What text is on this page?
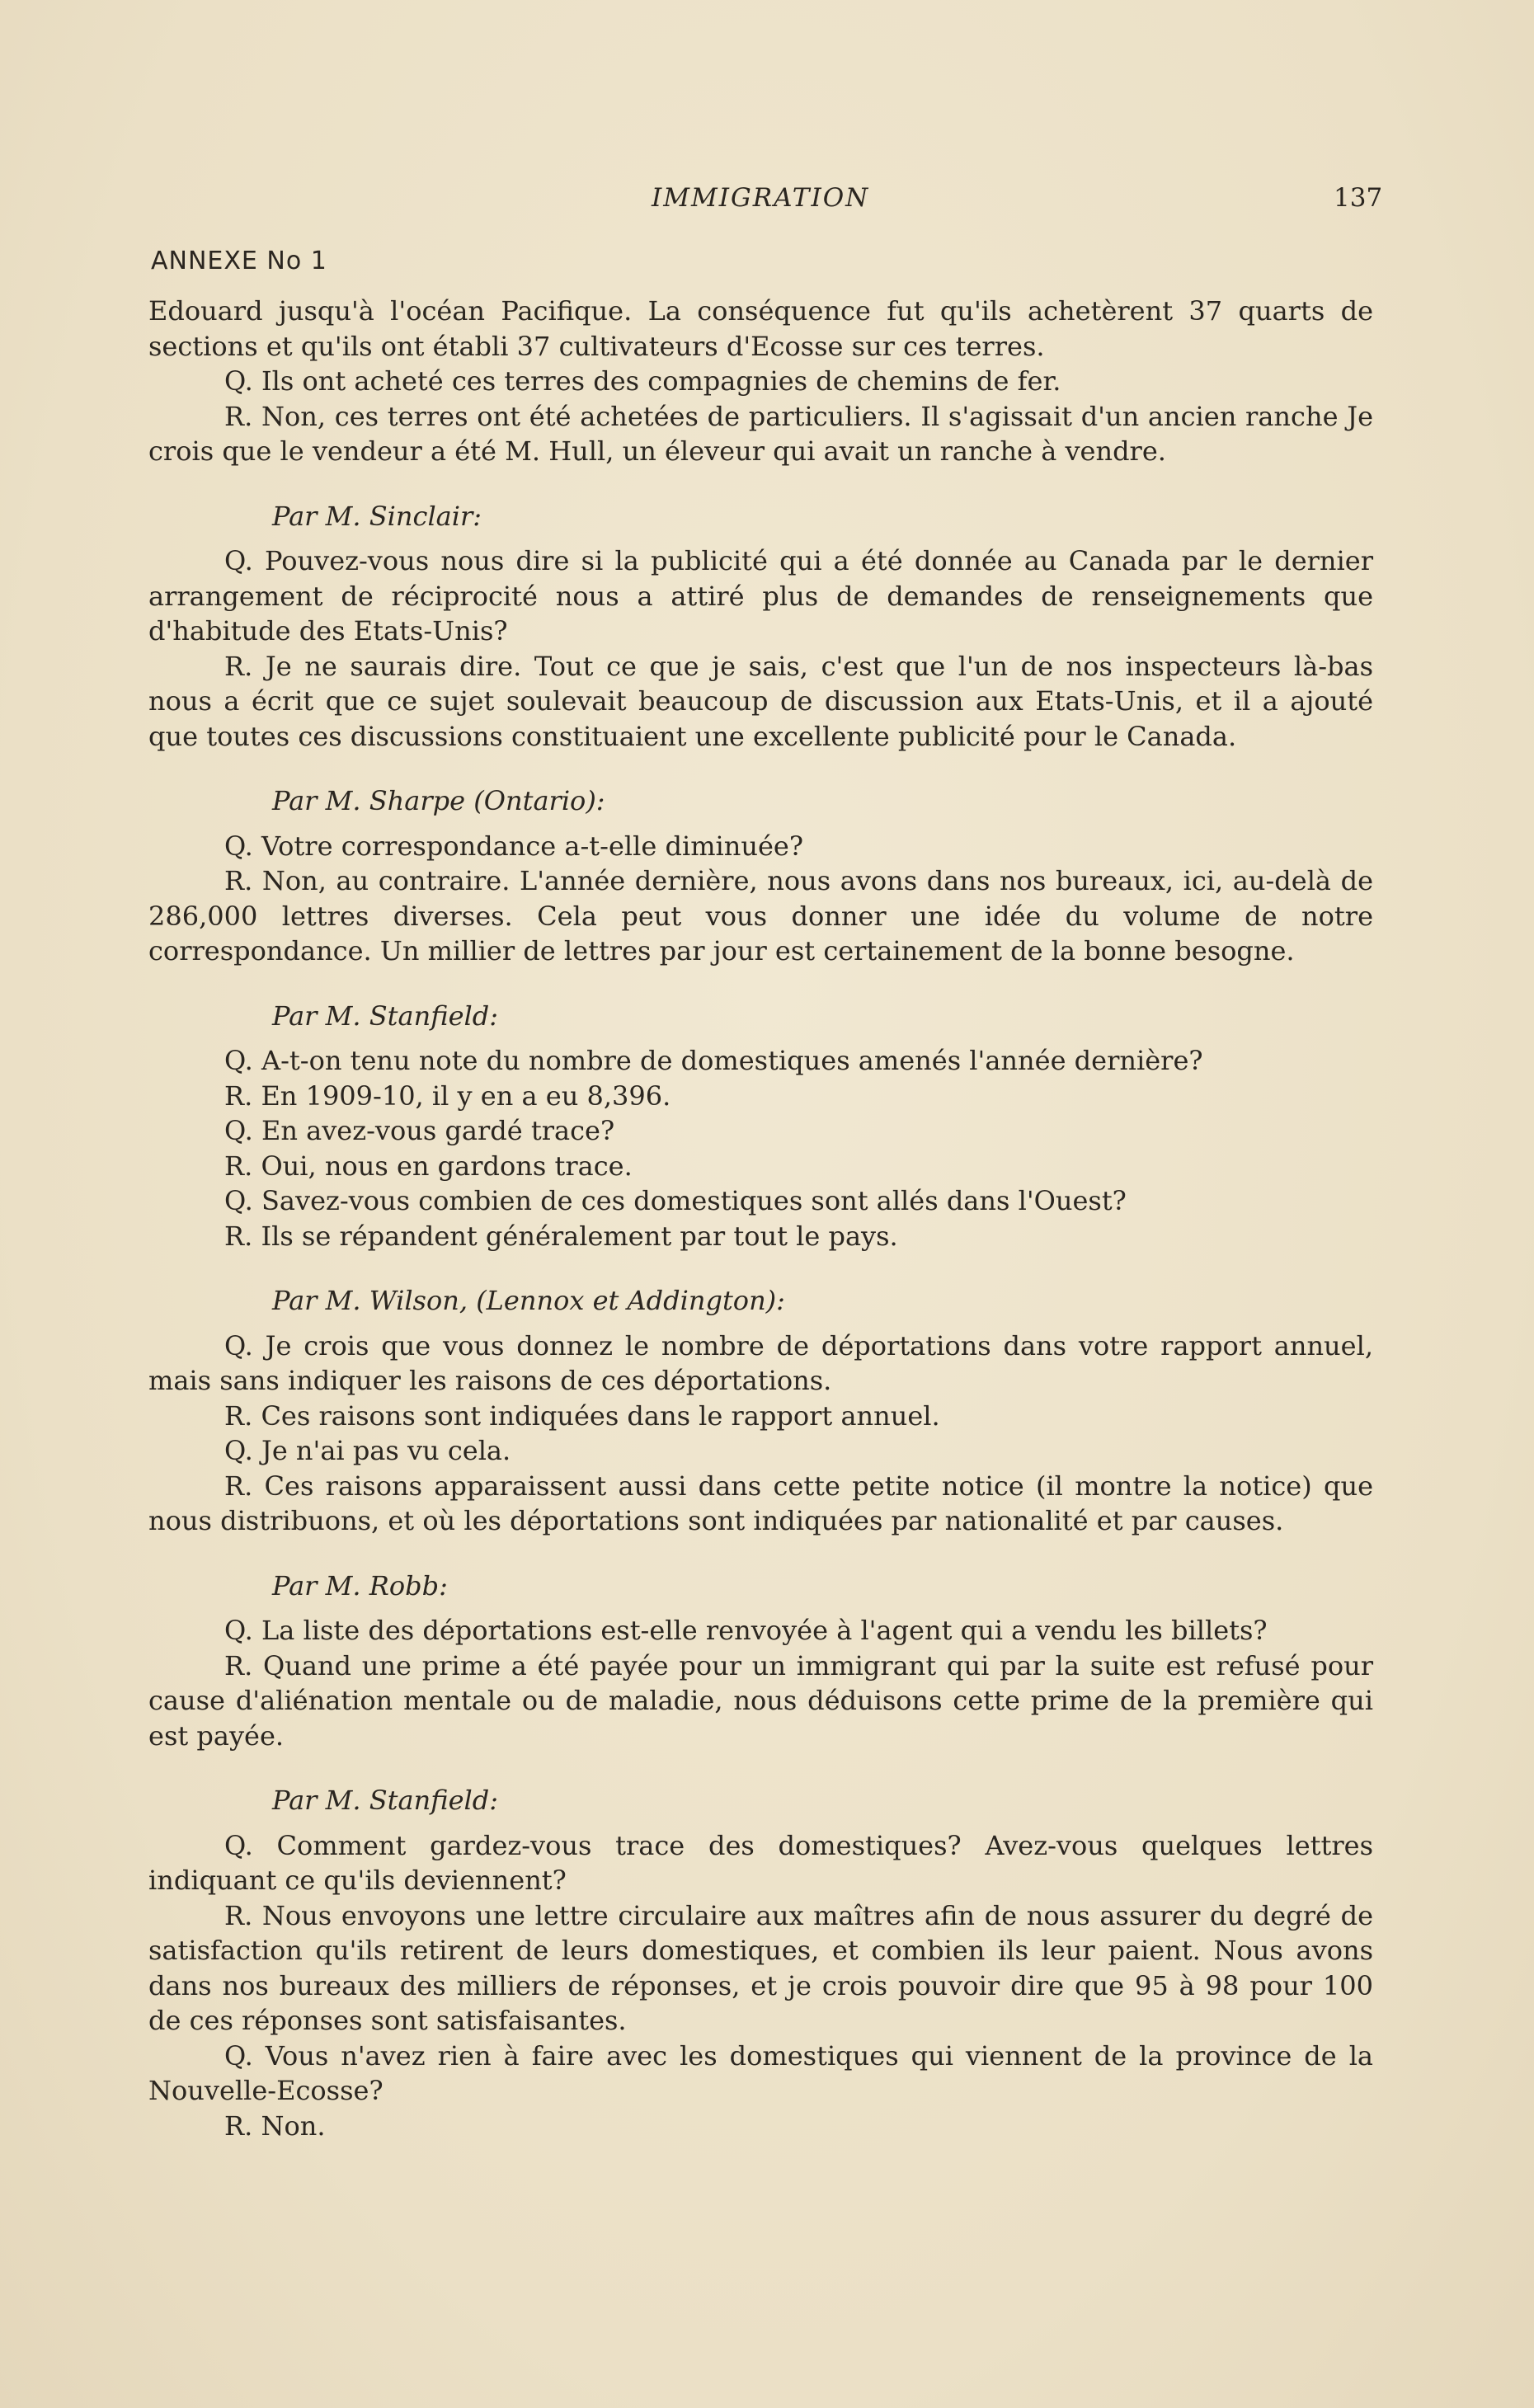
IMMIGRATION	137
ANNEXE No 1

Edouard jusqu'à l'océan Pacifique. La conséquence fut qu'ils achetèrent 37 quarts de sections et qu'ils ont établi 37 cultivateurs d'Ecosse sur ces terres.

Q. Ils ont acheté ces terres des compagnies de chemins de fer.

R. Non, ces terres ont été achetées de particuliers. Il s'agissait d'un ancien ranche Je crois que le vendeur a été M. Hull, un éleveur qui avait un ranche à vendre.

Par M. Sinclair:

Q. Pouvez-vous nous dire si la publicité qui a été donnée au Canada par le dernier arrangement de réciprocité nous a attiré plus de demandes de renseignements que d'habitude des Etats-Unis?

R. Je ne saurais dire. Tout ce que je sais, c'est que l'un de nos inspecteurs là-bas nous a écrit que ce sujet soulevait beaucoup de discussion aux Etats-Unis, et il a ajouté que toutes ces discussions constituaient une excellente publicité pour le Canada.

Par M. Sharpe (Ontario):

Q. Votre correspondance a-t-elle diminuée?

R. Non, au contraire. L'année dernière, nous avons dans nos bureaux, ici, au-delà de 286,000 lettres diverses. Cela peut vous donner une idée du volume de notre correspondance. Un millier de lettres par jour est certainement de la bonne besogne.

Par M. Stanfield:

Q. A-t-on tenu note du nombre de domestiques amenés l'année dernière?

R. En 1909-10, il y en a eu 8,396.

Q. En avez-vous gardé trace?

R. Oui, nous en gardons trace.

Q. Savez-vous combien de ces domestiques sont allés dans l'Ouest?

R. Ils se répandent généralement par tout le pays.

Par M. Wilson, (Lennox et Addington):

Q. Je crois que vous donnez le nombre de déportations dans votre rapport annuel, mais sans indiquer les raisons de ces déportations.

R. Ces raisons sont indiquées dans le rapport annuel.

Q. Je n'ai pas vu cela.

R. Ces raisons apparaissent aussi dans cette petite notice (il montre la notice) que nous distribuons, et où les déportations sont indiquées par nationalité et par causes.

Par M. Robb:

Q. La liste des déportations est-elle renvoyée à l'agent qui a vendu les billets?

R. Quand une prime a été payée pour un immigrant qui par la suite est refusé pour cause d'aliénation mentale ou de maladie, nous déduisons cette prime de la première qui est payée.

Par M. Stanfield:

Q. Comment gardez-vous trace des domestiques? Avez-vous quelques lettres indiquant ce qu'ils deviennent?

R. Nous envoyons une lettre circulaire aux maîtres afin de nous assurer du degré de satisfaction qu'ils retirent de leurs domestiques, et combien ils leur paient. Nous avons dans nos bureaux des milliers de réponses, et je crois pouvoir dire que 95 à 98 pour 100 de ces réponses sont satisfaisantes.

Q. Vous n'avez rien à faire avec les domestiques qui viennent de la province de la Nouvelle-Ecosse?

R. Non.
